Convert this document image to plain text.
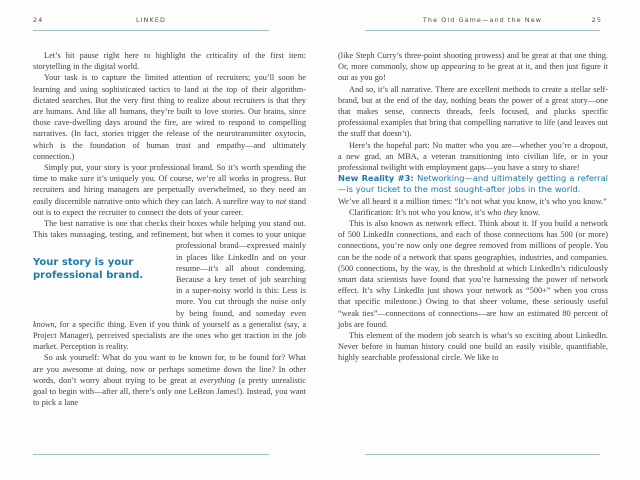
24	LINKED

Let’s hit pause right here to highlight the criticality of the first item: storytelling in the digital world.

Your task is to capture the limited attention of recruiters; you’ll soon be learning and using sophisticated tactics to land at the top of their algorithm-dictated searches. But the very first thing to realize about recruiters is that they are humans. And like all humans, they’re built to love stories. Our brains, since those cave-dwelling days around the fire, are wired to respond to compelling narratives. (In fact, stories trigger the release of the neurotransmitter oxytocin, which is the foundation of human trust and empathy—and ultimately connection.)

Simply put, your story is your professional brand. So it’s worth spending the time to make sure it’s uniquely you. Of course, we’re all works in progress. But recruiters and hiring managers are perpetually overwhelmed, so they need an easily discernible narrative onto which they can latch. A surefire way to not stand out is to expect the recruiter to connect the dots of your career.

The best narrative is one that checks their boxes while helping you stand out. This takes massaging, testing, and refinement, but when it comes to your unique professional brand—expressed
Your story is your professional brand.
mainly in places like LinkedIn and on your resume—it’s all about condensing. Because a key tenet of job searching in a super-noisy world is this: Less is more. You cut through the noise only by being found, and someday even known, for a specific thing. Even if you think of yourself as a generalist (say, a Project Manager), perceived specialists are the ones who get traction in the job market. Perception is reality.

So ask yourself: What do you want to be known for, to be found for? What are you awesome at doing, now or perhaps sometime down the line? In other words, don’t worry about trying to be great at everything (a pretty unrealistic goal to begin with—after all, there’s only one LeBron James!). Instead, you want to pick a lane

The Old Game—and the New	25

(like Steph Curry’s three-point shooting prowess) and be great at that one thing. Or, more commonly, show up appearing to be great at it, and then just figure it out as you go!

And so, it’s all narrative. There are excellent methods to create a stellar self-brand, but at the end of the day, nothing beats the power of a great story—one that makes sense, connects threads, feels focused, and plucks specific professional examples that bring that compelling narrative to life (and leaves out the stuff that doesn’t).

Here’s the hopeful part: No matter who you are—whether you’re a dropout, a new grad, an MBA, a veteran transitioning into civilian life, or in your professional twilight with employment gaps—you have a story to share!

New Reality #3: Networking—and ultimately getting a referral—is your ticket to the most sought-after jobs in the world.

We’ve all heard it a million times: “It’s not what you know, it’s who you know.”

Clarification: It’s not who you know, it’s who they know.

This is also known as network effect. Think about it. If you build a network of 500 LinkedIn connections, and each of those connections has 500 (or more) connections, you’re now only one degree removed from millions of people. You can be the node of a network that spans geographies, industries, and companies. (500 connections, by the way, is the threshold at which LinkedIn’s ridiculously smart data scientists have found that you’re harnessing the power of network effect. It’s why LinkedIn just shows your network as “500+” when you cross that specific milestone.) Owing to that sheer volume, these seriously useful “weak ties”—connections of connections—are how an estimated 80 percent of jobs are found.

This element of the modern job search is what’s so exciting about LinkedIn. Never before in human history could one build an easily visible, quantifiable, highly searchable professional circle. We like to
